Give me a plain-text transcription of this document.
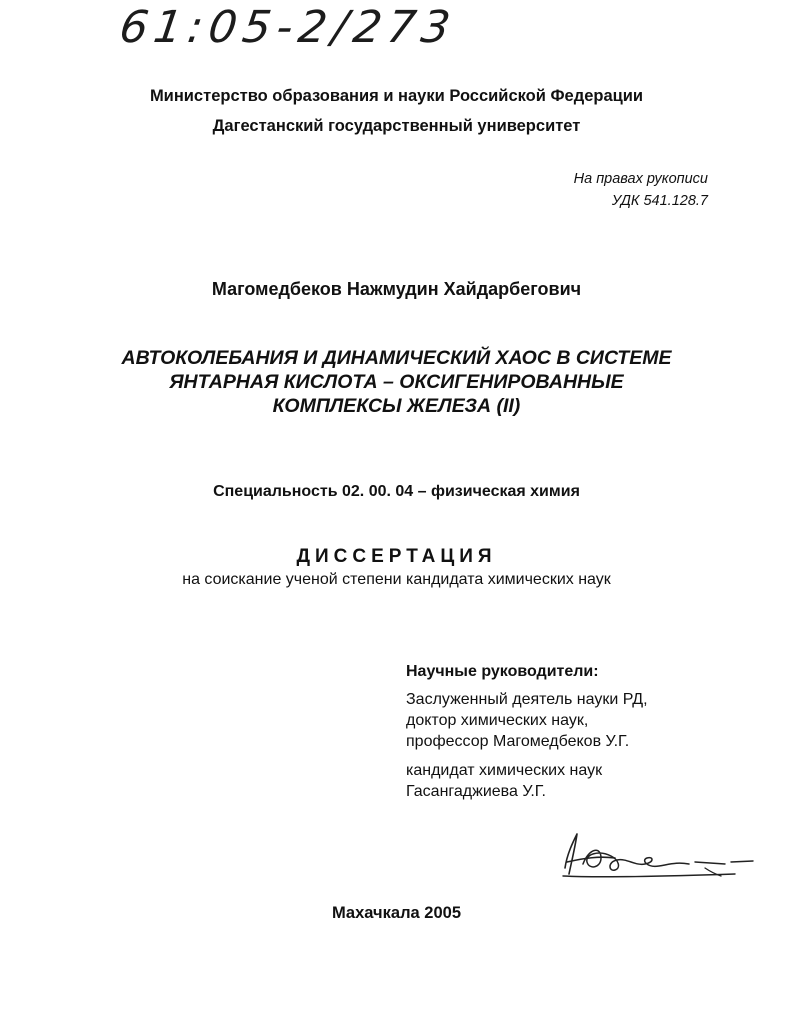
61:05-2/273
Министерство образования и науки Российской Федерации
Дагестанский государственный университет
На правах рукописи
УДК 541.128.7
Магомедбеков Нажмудин Хайдарбегович
АВТОКОЛЕБАНИЯ И ДИНАМИЧЕСКИЙ ХАОС В СИСТЕМЕ
ЯНТАРНАЯ КИСЛОТА – ОКСИГЕНИРОВАННЫЕ
КОМПЛЕКСЫ ЖЕЛЕЗА (II)
Специальность 02. 00. 04 – физическая химия
ДИССЕРТАЦИЯ
на соискание ученой степени кандидата химических наук
Научные руководители:
Заслуженный деятель науки РД,
доктор химических наук,
профессор Магомедбеков У.Г.
кандидат химических наук
Гасангаджиева У.Г.
Махачкала 2005
